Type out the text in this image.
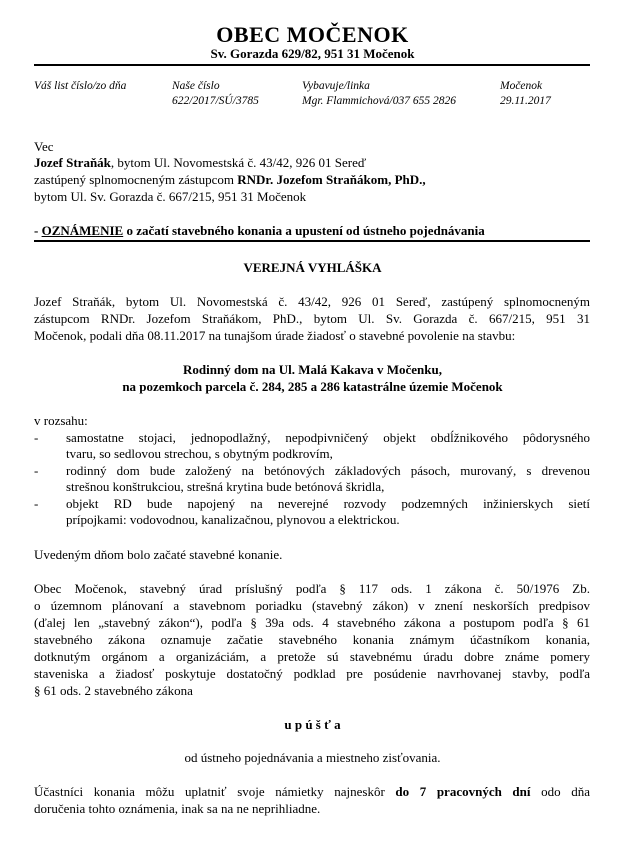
OBEC MOČENOK
Sv. Gorazda 629/82, 951 31 Močenok
Váš list číslo/zo dňa	Naše číslo
622/2017/SÚ/3785
Vybavuje/linka
Mgr. Flammichová/037 655 2826
Močenok
29.11.2017
Vec
Jozef Straňák, bytom Ul. Novomestská č. 43/42, 926 01 Sereď
zastúpený splnomocneným zástupcom RNDr. Jozefom Straňákom, PhD.,
bytom Ul. Sv. Gorazda č. 667/215, 951 31 Močenok
- OZNÁMENIE o začatí stavebného konania a upustení od ústneho pojednávania
VEREJNÁ VYHLÁŠKA
Jozef Straňák, bytom Ul. Novomestská č. 43/42, 926 01 Sereď, zastúpený splnomocneným
zástupcom RNDr. Jozefom Straňákom, PhD., bytom Ul. Sv. Gorazda č. 667/215, 951 31
Močenok, podali dňa 08.11.2017 na tunajšom úrade žiadosť o stavebné povolenie na stavbu:
Rodinný dom na Ul. Malá Kakava v Močenku,
na pozemkoch parcela č. 284, 285 a 286 katastrálne územie Močenok
v rozsahu:
- samostatne stojaci, jednopodlažný, nepodpivničený objekt obdĺžnikového pôdorysného
tvaru, so sedlovou strechou, s obytným podkrovím,
- rodinný dom bude založený na betónových základových pásoch, murovaný, s drevenou
strešnou konštrukciou, strešná krytina bude betónová škridla,
- objekt RD bude napojený na neverejné rozvody podzemných inžinierskych sietí
prípojkami: vodovodnou, kanalizačnou, plynovou a elektrickou.
Uvedeným dňom bolo začaté stavebné konanie.
Obec Močenok, stavebný úrad príslušný podľa § 117 ods. 1 zákona č. 50/1976 Zb.
o územnom plánovaní a stavebnom poriadku (stavebný zákon) v znení neskorších predpisov
(ďalej len „stavebný zákon“), podľa § 39a ods. 4 stavebného zákona a postupom podľa § 61
stavebného zákona oznamuje začatie stavebného konania známym účastníkom konania,
dotknutým orgánom a organizáciám, a pretože sú stavebnému úradu dobre známe pomery
staveniska a žiadosť poskytuje dostatočný podklad pre posúdenie navrhovanej stavby, podľa
§ 61 ods. 2 stavebného zákona
u p ú š ť a
od ústneho pojednávania a miestneho zisťovania.
Účastníci konania môžu uplatniť svoje námietky najneskôr do 7 pracovných dní odo dňa
doručenia tohto oznámenia, inak sa na ne neprihliadne.
